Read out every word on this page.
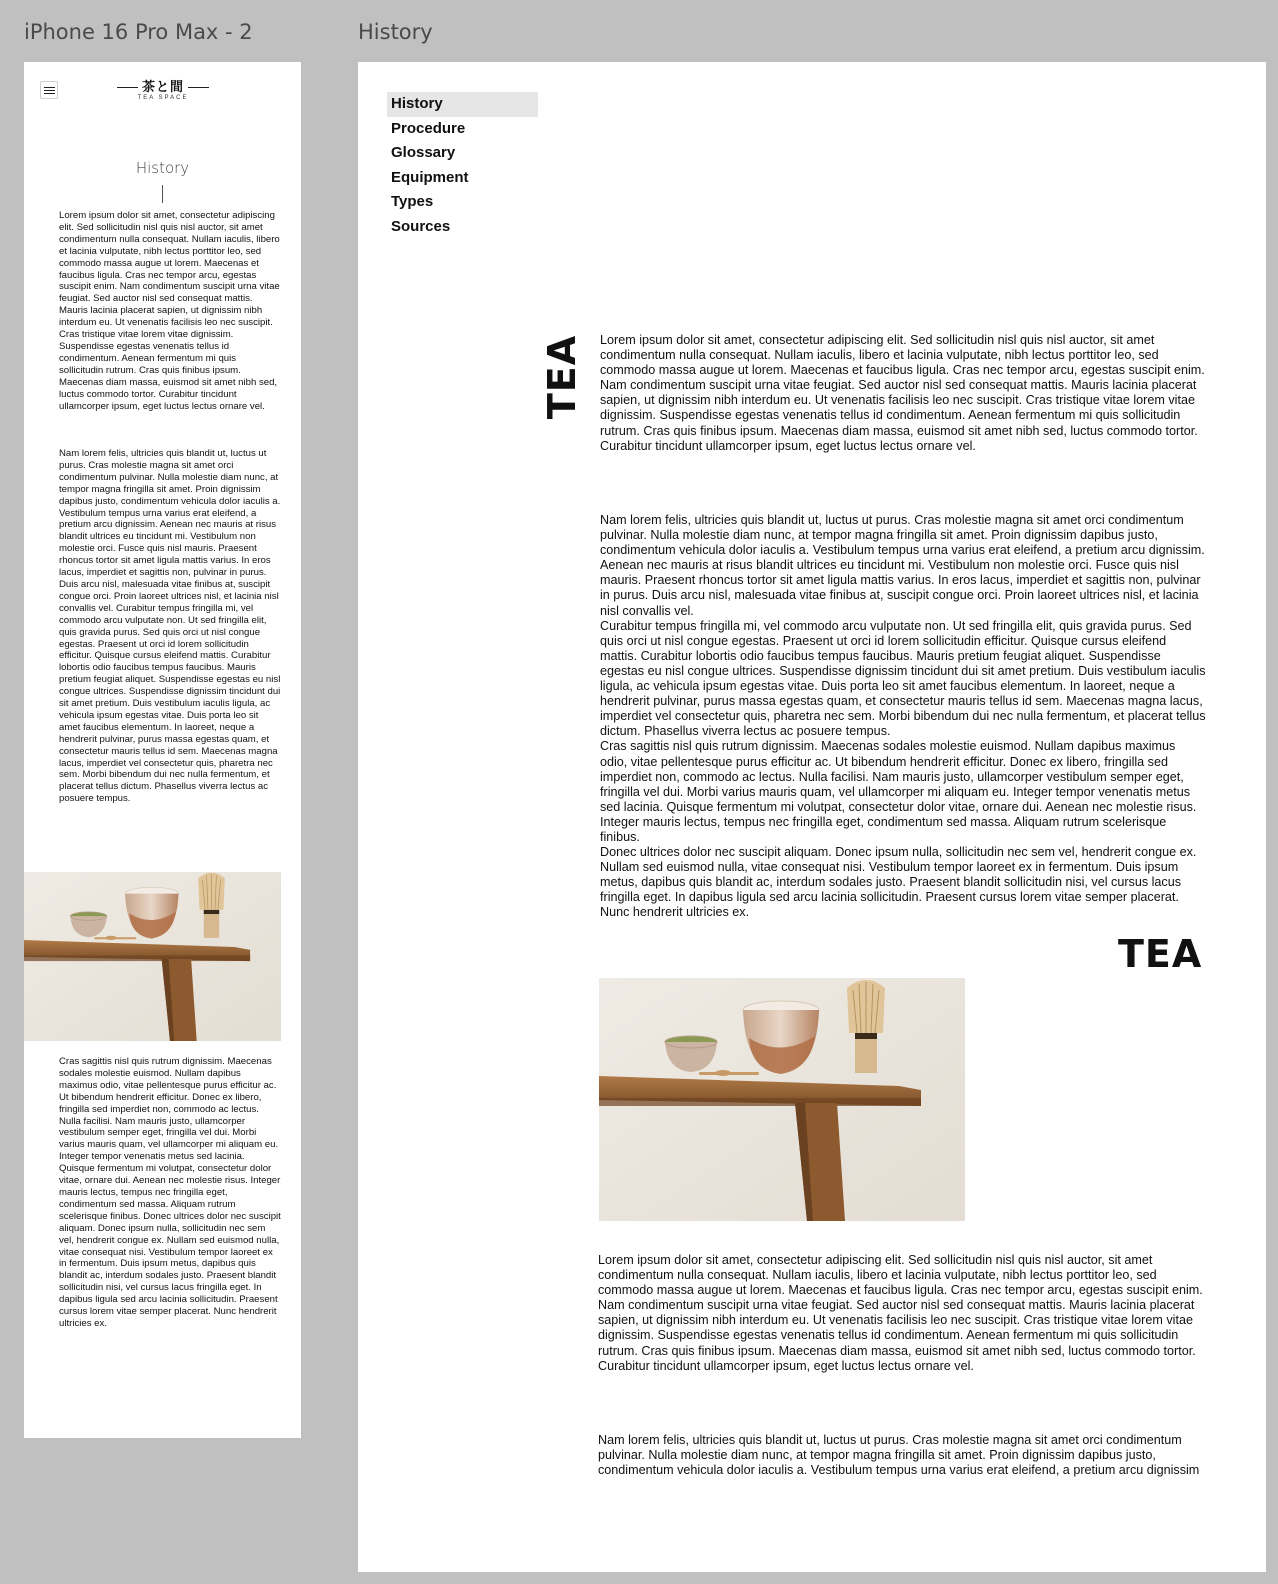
iPhone 16 Pro Max - 2	History
茶と間
TEA SPACE
History

Lorem ipsum dolor sit amet, consectetur adipiscing elit. Sed sollicitudin nisl quis nisl auctor, sit amet condimentum nulla consequat. Nullam iaculis, libero et lacinia vulputate, nibh lectus porttitor leo, sed commodo massa augue ut lorem. Maecenas et faucibus ligula. Cras nec tempor arcu, egestas suscipit enim. Nam condimentum suscipit urna vitae feugiat. Sed auctor nisl sed consequat mattis. Mauris lacinia placerat sapien, ut dignissim nibh interdum eu. Ut venenatis facilisis leo nec suscipit. Cras tristique vitae lorem vitae dignissim. Suspendisse egestas venenatis tellus id condimentum. Aenean fermentum mi quis sollicitudin rutrum. Cras quis finibus ipsum. Maecenas diam massa, euismod sit amet nibh sed, luctus commodo tortor. Curabitur tincidunt ullamcorper ipsum, eget luctus lectus ornare vel.

Nam lorem felis, ultricies quis blandit ut, luctus ut purus. Cras molestie magna sit amet orci condimentum pulvinar. Nulla molestie diam nunc, at tempor magna fringilla sit amet. Proin dignissim dapibus justo, condimentum vehicula dolor iaculis a. Vestibulum tempus urna varius erat eleifend, a pretium arcu dignissim. Aenean nec mauris at risus blandit ultrices eu tincidunt mi. Vestibulum non molestie orci. Fusce quis nisl mauris. Praesent rhoncus tortor sit amet ligula mattis varius. In eros lacus, imperdiet et sagittis non, pulvinar in purus. Duis arcu nisl, malesuada vitae finibus at, suscipit congue orci. Proin laoreet ultrices nisl, et lacinia nisl convallis vel. Curabitur tempus fringilla mi, vel commodo arcu vulputate non. Ut sed fringilla elit, quis gravida purus. Sed quis orci ut nisl congue egestas. Praesent ut orci id lorem sollicitudin efficitur. Quisque cursus eleifend mattis. Curabitur lobortis odio faucibus tempus faucibus. Mauris pretium feugiat aliquet. Suspendisse egestas eu nisl congue ultrices. Suspendisse dignissim tincidunt dui sit amet pretium. Duis vestibulum iaculis ligula, ac vehicula ipsum egestas vitae. Duis porta leo sit amet faucibus elementum. In laoreet, neque a hendrerit pulvinar, purus massa egestas quam, et consectetur mauris tellus id sem. Maecenas magna lacus, imperdiet vel consectetur quis, pharetra nec sem. Morbi bibendum dui nec nulla fermentum, et placerat tellus dictum. Phasellus viverra lectus ac posuere tempus.

Cras sagittis nisl quis rutrum dignissim. Maecenas sodales molestie euismod. Nullam dapibus maximus odio, vitae pellentesque purus efficitur ac. Ut bibendum hendrerit efficitur. Donec ex libero, fringilla sed imperdiet non, commodo ac lectus. Nulla facilisi. Nam mauris justo, ullamcorper vestibulum semper eget, fringilla vel dui. Morbi varius mauris quam, vel ullamcorper mi aliquam eu. Integer tempor venenatis metus sed lacinia. Quisque fermentum mi volutpat, consectetur dolor vitae, ornare dui. Aenean nec molestie risus. Integer mauris lectus, tempus nec fringilla eget, condimentum sed massa. Aliquam rutrum scelerisque finibus. Donec ultrices dolor nec suscipit aliquam. Donec ipsum nulla, sollicitudin nec sem vel, hendrerit congue ex. Nullam sed euismod nulla, vitae consequat nisi. Vestibulum tempor laoreet ex in fermentum. Duis ipsum metus, dapibus quis blandit ac, interdum sodales justo. Praesent blandit sollicitudin nisi, vel cursus lacus fringilla eget. In dapibus ligula sed arcu lacinia sollicitudin. Praesent cursus lorem vitae semper placerat. Nunc hendrerit ultricies ex.

History
Procedure
Glossary
Equipment
Types
Sources
TEA Lorem ipsum dolor sit amet, consectetur adipiscing elit. Sed sollicitudin nisl quis nisl auctor, sit amet condimentum nulla consequat. Nullam iaculis, libero et lacinia vulputate, nibh lectus porttitor leo, sed commodo massa augue ut lorem. Maecenas et faucibus ligula. Cras nec tempor arcu, egestas suscipit enim. Nam condimentum suscipit urna vitae feugiat. Sed auctor nisl sed consequat mattis. Mauris lacinia placerat sapien, ut dignissim nibh interdum eu. Ut venenatis facilisis leo nec suscipit. Cras tristique vitae lorem vitae dignissim. Suspendisse egestas venenatis tellus id condimentum. Aenean fermentum mi quis sollicitudin rutrum. Cras quis finibus ipsum. Maecenas diam massa, euismod sit amet nibh sed, luctus commodo tortor. Curabitur tincidunt ullamcorper ipsum, eget luctus lectus ornare vel.

Nam lorem felis, ultricies quis blandit ut, luctus ut purus. Cras molestie magna sit amet orci condimentum pulvinar. Nulla molestie diam nunc, at tempor magna fringilla sit amet. Proin dignissim dapibus justo, condimentum vehicula dolor iaculis a. Vestibulum tempus urna varius erat eleifend, a pretium arcu dignissim. Aenean nec mauris at risus blandit ultrices eu tincidunt mi. Vestibulum non molestie orci. Fusce quis nisl mauris. Praesent rhoncus tortor sit amet ligula mattis varius. In eros lacus, imperdiet et sagittis non, pulvinar in purus. Duis arcu nisl, malesuada vitae finibus at, suscipit congue orci. Proin laoreet ultrices nisl, et lacinia nisl convallis vel.
Curabitur tempus fringilla mi, vel commodo arcu vulputate non. Ut sed fringilla elit, quis gravida purus. Sed quis orci ut nisl congue egestas. Praesent ut orci id lorem sollicitudin efficitur. Quisque cursus eleifend mattis. Curabitur lobortis odio faucibus tempus faucibus. Mauris pretium feugiat aliquet. Suspendisse egestas eu nisl congue ultrices. Suspendisse dignissim tincidunt dui sit amet pretium. Duis vestibulum iaculis ligula, ac vehicula ipsum egestas vitae. Duis porta leo sit amet faucibus elementum. In laoreet, neque a hendrerit pulvinar, purus massa egestas quam, et consectetur mauris tellus id sem. Maecenas magna lacus, imperdiet vel consectetur quis, pharetra nec sem. Morbi bibendum dui nec nulla fermentum, et placerat tellus dictum. Phasellus viverra lectus ac posuere tempus.
Cras sagittis nisl quis rutrum dignissim. Maecenas sodales molestie euismod. Nullam dapibus maximus odio, vitae pellentesque purus efficitur ac. Ut bibendum hendrerit efficitur. Donec ex libero, fringilla sed imperdiet non, commodo ac lectus. Nulla facilisi. Nam mauris justo, ullamcorper vestibulum semper eget, fringilla vel dui. Morbi varius mauris quam, vel ullamcorper mi aliquam eu. Integer tempor venenatis metus sed lacinia. Quisque fermentum mi volutpat, consectetur dolor vitae, ornare dui. Aenean nec molestie risus. Integer mauris lectus, tempus nec fringilla eget, condimentum sed massa. Aliquam rutrum scelerisque finibus.
Donec ultrices dolor nec suscipit aliquam. Donec ipsum nulla, sollicitudin nec sem vel, hendrerit congue ex. Nullam sed euismod nulla, vitae consequat nisi. Vestibulum tempor laoreet ex in fermentum. Duis ipsum metus, dapibus quis blandit ac, interdum sodales justo. Praesent blandit sollicitudin nisi, vel cursus lacus fringilla eget. In dapibus ligula sed arcu lacinia sollicitudin. Praesent cursus lorem vitae semper placerat. Nunc hendrerit ultricies ex.
TEA

Lorem ipsum dolor sit amet, consectetur adipiscing elit. Sed sollicitudin nisl quis nisl auctor, sit amet condimentum nulla consequat. Nullam iaculis, libero et lacinia vulputate, nibh lectus porttitor leo, sed commodo massa augue ut lorem. Maecenas et faucibus ligula. Cras nec tempor arcu, egestas suscipit enim. Nam condimentum suscipit urna vitae feugiat. Sed auctor nisl sed consequat mattis. Mauris lacinia placerat sapien, ut dignissim nibh interdum eu. Ut venenatis facilisis leo nec suscipit. Cras tristique vitae lorem vitae dignissim. Suspendisse egestas venenatis tellus id condimentum. Aenean fermentum mi quis sollicitudin rutrum. Cras quis finibus ipsum. Maecenas diam massa, euismod sit amet nibh sed, luctus commodo tortor. Curabitur tincidunt ullamcorper ipsum, eget luctus lectus ornare vel.

Nam lorem felis, ultricies quis blandit ut, luctus ut purus. Cras molestie magna sit amet orci condimentum pulvinar. Nulla molestie diam nunc, at tempor magna fringilla sit amet. Proin dignissim dapibus justo, condimentum vehicula dolor iaculis a. Vestibulum tempus urna varius erat eleifend, a pretium arcu dignissim
